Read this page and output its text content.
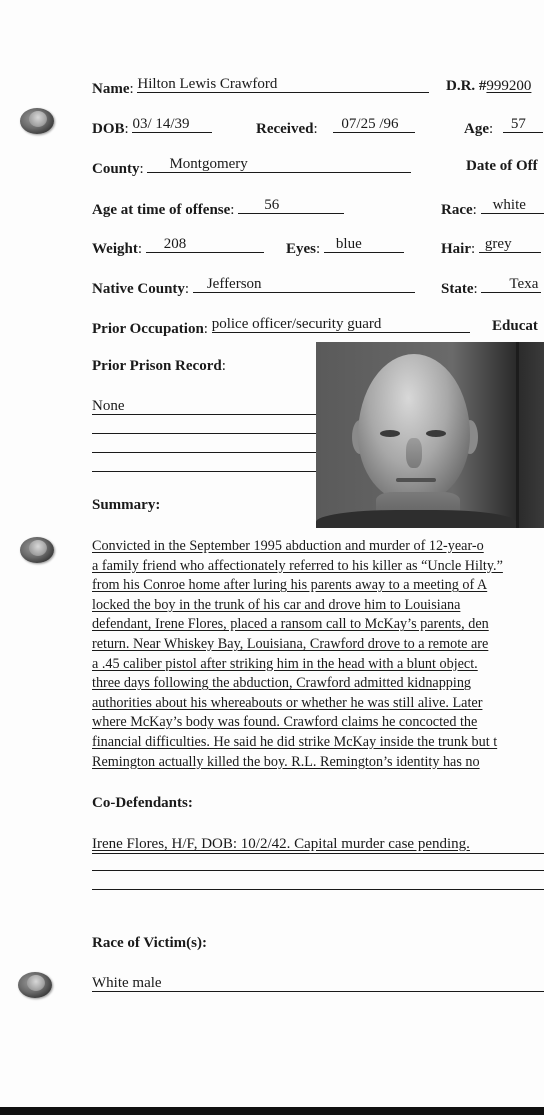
Name: Hilton Lewis Crawford	D.R. #999200
DOB: 03/ 14/39	Received: 07/25 /96	Age: 57
County: Montgomery	Date of Off
Age at time of offense: 56	Race: white
Weight: 208	Eyes: blue	Hair: grey
Native County: Jefferson	State: Texa
Prior Occupation: police officer/security guard	Educat
Prior Prison Record:
None
Summary:
Convicted in the September 1995 abduction and murder of 12-year-o
a family friend who affectionately referred to his killer as “Uncle Hilty.”
from his Conroe home after luring his parents away to a meeting of A
locked the boy in the trunk of his car and drove him to Louisiana
defendant, Irene Flores, placed a ransom call to McKay’s parents, den
return. Near Whiskey Bay, Louisiana, Crawford drove to a remote are
a .45 caliber pistol after striking him in the head with a blunt object.
three days following the abduction, Crawford admitted kidnapping
authorities about his whereabouts or whether he was still alive. Later
where McKay’s body was found. Crawford claims he concocted the
financial difficulties. He said he did strike McKay inside the trunk but t
Remington actually killed the boy. R.L. Remington’s identity has no
Co-Defendants:
Irene Flores, H/F, DOB: 10/2/42. Capital murder case pending.
Race of Victim(s):
White male
